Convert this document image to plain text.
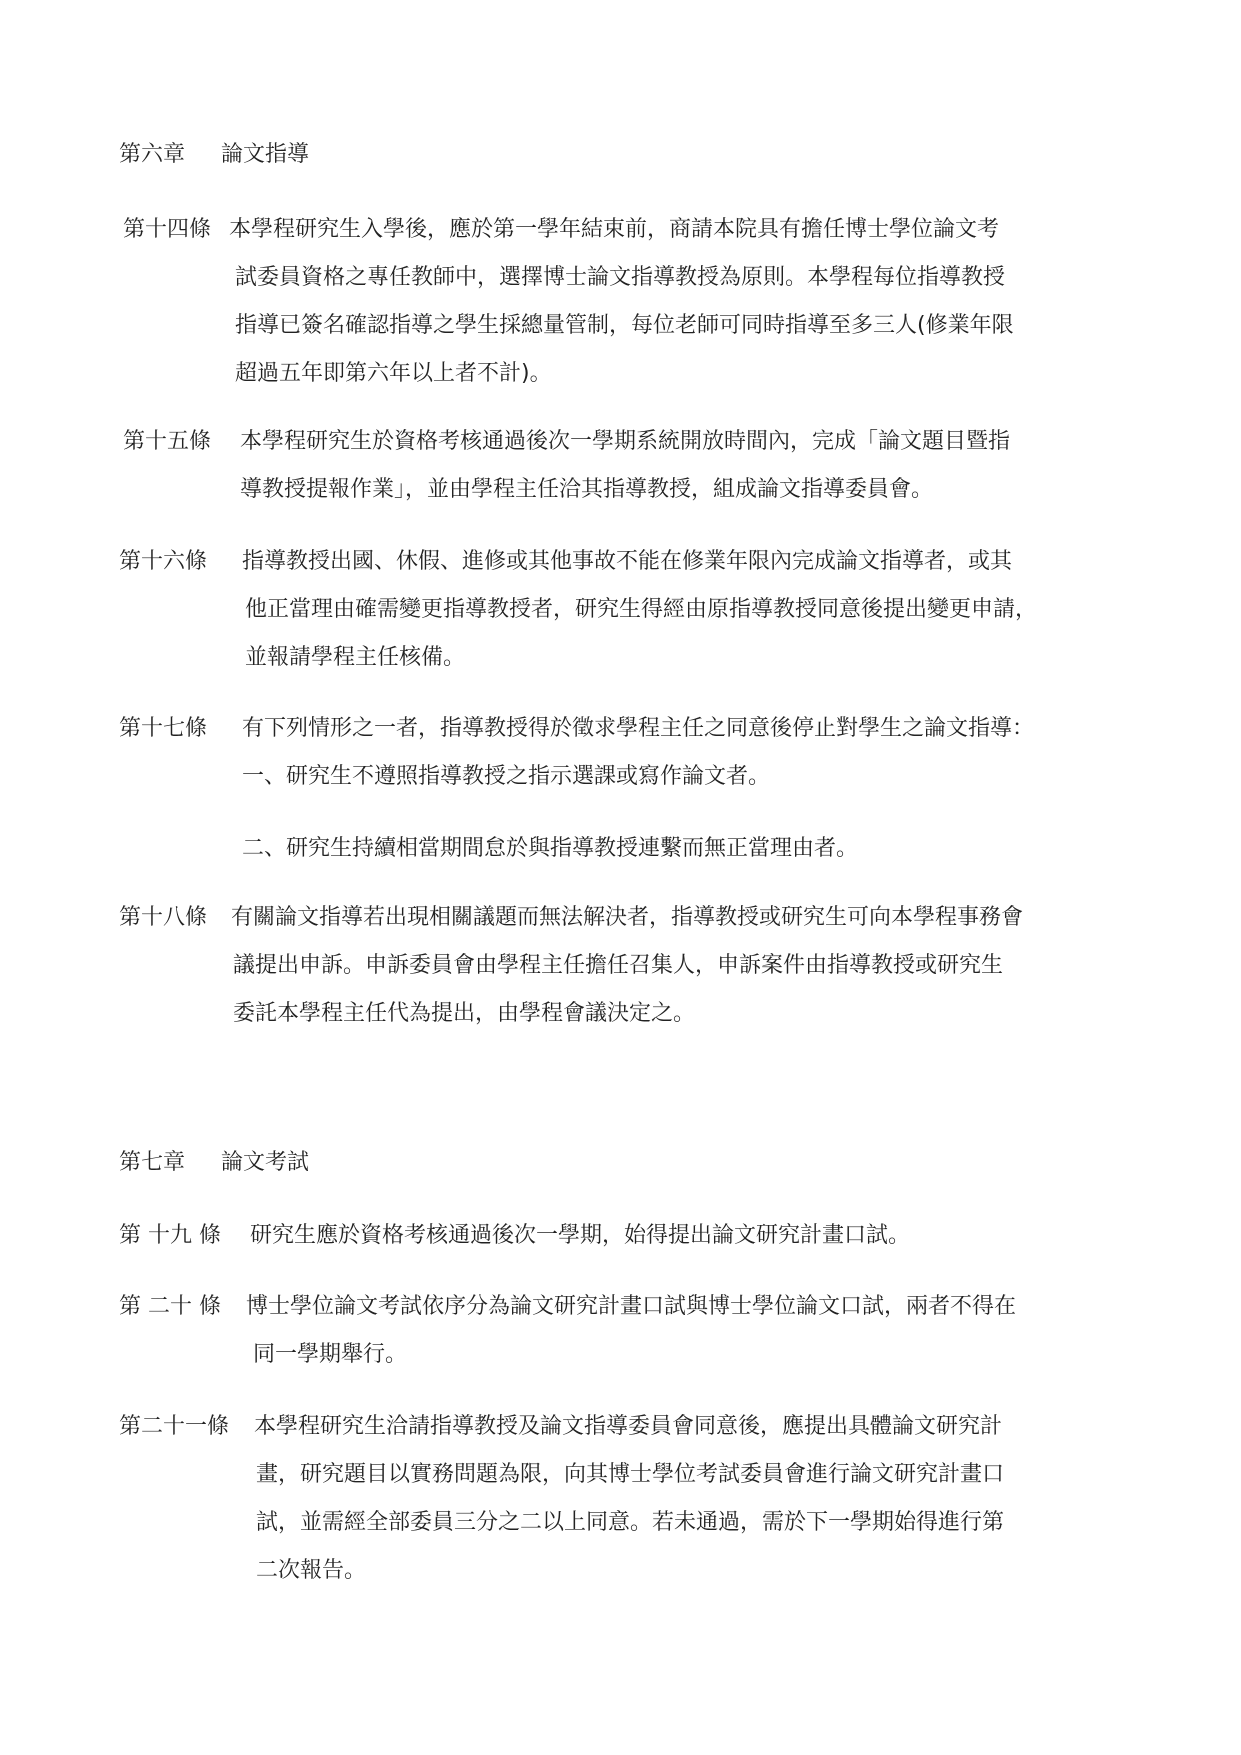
第六章 論文指導
第十四條 本學程研究生入學後，應於第一學年結束前，商請本院具有擔任博士學位論文考
試委員資格之專任教師中，選擇博士論文指導教授為原則。本學程每位指導教授
指導已簽名確認指導之學生採總量管制，每位老師可同時指導至多三人(修業年限
超過五年即第六年以上者不計)。
第十五條 本學程研究生於資格考核通過後次一學期系統開放時間內，完成「論文題目暨指
導教授提報作業」，並由學程主任洽其指導教授，組成論文指導委員會。
第十六條 指導教授出國、休假、進修或其他事故不能在修業年限內完成論文指導者，或其
他正當理由確需變更指導教授者，研究生得經由原指導教授同意後提出變更申請，
並報請學程主任核備。
第十七條 有下列情形之一者，指導教授得於徵求學程主任之同意後停止對學生之論文指導：
一、研究生不遵照指導教授之指示選課或寫作論文者。
二、研究生持續相當期間怠於與指導教授連繫而無正當理由者。
第十八條 有關論文指導若出現相關議題而無法解決者，指導教授或研究生可向本學程事務會
議提出申訴。申訴委員會由學程主任擔任召集人，申訴案件由指導教授或研究生
委託本學程主任代為提出，由學程會議決定之。
第七章 論文考試
第 十九 條 研究生應於資格考核通過後次一學期，始得提出論文研究計畫口試。
第 二十 條 博士學位論文考試依序分為論文研究計畫口試與博士學位論文口試，兩者不得在
同一學期舉行。
第二十一條 本學程研究生洽請指導教授及論文指導委員會同意後，應提出具體論文研究計
畫，研究題目以實務問題為限，向其博士學位考試委員會進行論文研究計畫口
試，並需經全部委員三分之二以上同意。若未通過，需於下一學期始得進行第
二次報告。
